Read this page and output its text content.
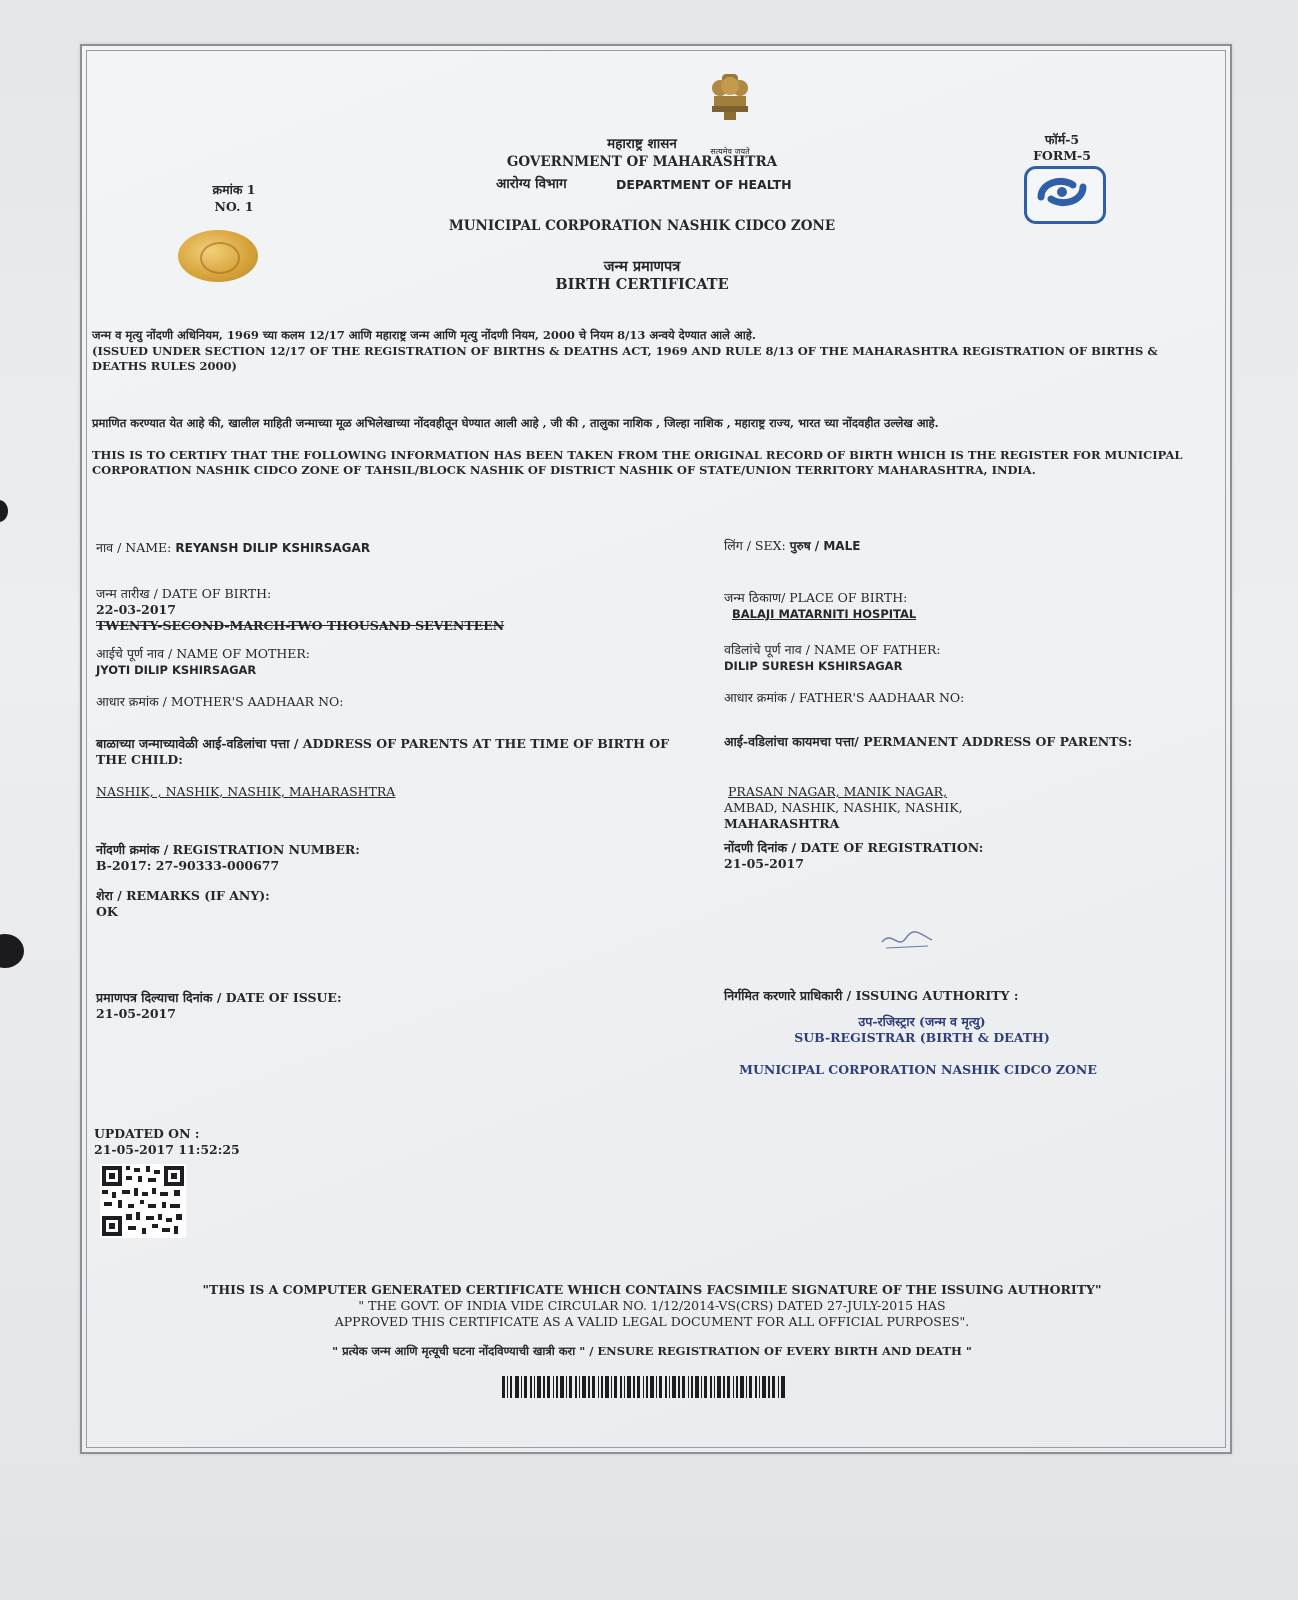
सत्यमेव जयते
क्रमांक 1
NO. 1
महाराष्ट्र शासन
GOVERNMENT OF MAHARASHTRA
आरोग्य विभाग	DEPARTMENT OF HEALTH
फॉर्म-5
FORM-5
MUNICIPAL CORPORATION NASHIK CIDCO ZONE
जन्म प्रमाणपत्र
BIRTH CERTIFICATE
जन्म व मृत्यु नोंदणी अधिनियम, 1969 च्या कलम 12/17 आणि महाराष्ट्र जन्म आणि मृत्यु नोंदणी नियम, 2000 चे नियम 8/13 अन्वये देण्यात आले आहे.
(ISSUED UNDER SECTION 12/17 OF THE REGISTRATION OF BIRTHS & DEATHS ACT, 1969 AND RULE 8/13 OF THE MAHARASHTRA REGISTRATION OF BIRTHS & DEATHS RULES 2000)
प्रमाणित करण्यात येत आहे की, खालील माहिती जन्माच्या मूळ अभिलेखाच्या नोंदवहीतून घेण्यात आली आहे , जी की , तालुका नाशिक , जिल्हा नाशिक , महाराष्ट्र राज्य, भारत च्या नोंदवहीत उल्लेख आहे.
THIS IS TO CERTIFY THAT THE FOLLOWING INFORMATION HAS BEEN TAKEN FROM THE ORIGINAL RECORD OF BIRTH WHICH IS THE REGISTER FOR MUNICIPAL CORPORATION NASHIK CIDCO ZONE OF TAHSIL/BLOCK NASHIK OF DISTRICT NASHIK OF STATE/UNION TERRITORY MAHARASHTRA, INDIA.
नाव / NAME: REYANSH DILIP KSHIRSAGAR
जन्म तारीख / DATE OF BIRTH:
22-03-2017
TWENTY-SECOND-MARCH-TWO THOUSAND SEVENTEEN
आईचे पूर्ण नाव / NAME OF MOTHER:
JYOTI DILIP KSHIRSAGAR
आधार क्रमांक / MOTHER'S AADHAAR NO:
बाळाच्या जन्माच्यावेळी आई-वडिलांचा पत्ता / ADDRESS OF PARENTS AT THE TIME OF BIRTH OF THE CHILD:
NASHIK, , NASHIK, NASHIK, MAHARASHTRA
नोंदणी क्रमांक / REGISTRATION NUMBER:
B-2017: 27-90333-000677
शेरा / REMARKS (IF ANY):
OK
प्रमाणपत्र दिल्याचा दिनांक / DATE OF ISSUE:
21-05-2017
लिंग / SEX: पुरुष / MALE
जन्म ठिकाण/ PLACE OF BIRTH:
BALAJI MATARNITI HOSPITAL
वडिलांचे पूर्ण नाव / NAME OF FATHER:
DILIP SURESH KSHIRSAGAR
आधार क्रमांक / FATHER'S AADHAAR NO:
आई-वडिलांचा कायमचा पत्ता/ PERMANENT ADDRESS OF PARENTS:
PRASAN NAGAR, MANIK NAGAR,
AMBAD, NASHIK, NASHIK, NASHIK,
MAHARASHTRA
नोंदणी दिनांक / DATE OF REGISTRATION:
21-05-2017
निर्गमित करणारे प्राधिकारी / ISSUING AUTHORITY :
उप-रजिस्ट्रार (जन्म व मृत्यु)
SUB-REGISTRAR (BIRTH & DEATH)
MUNICIPAL CORPORATION NASHIK CIDCO ZONE
UPDATED ON :
21-05-2017 11:52:25
"THIS IS A COMPUTER GENERATED CERTIFICATE WHICH CONTAINS FACSIMILE SIGNATURE OF THE ISSUING AUTHORITY"
" THE GOVT. OF INDIA VIDE CIRCULAR NO. 1/12/2014-VS(CRS) DATED 27-JULY-2015 HAS
APPROVED THIS CERTIFICATE AS A VALID LEGAL DOCUMENT FOR ALL OFFICIAL PURPOSES".
" प्रत्येक जन्म आणि मृत्यूची घटना नोंदविण्याची खात्री करा " / ENSURE REGISTRATION OF EVERY BIRTH AND DEATH "
